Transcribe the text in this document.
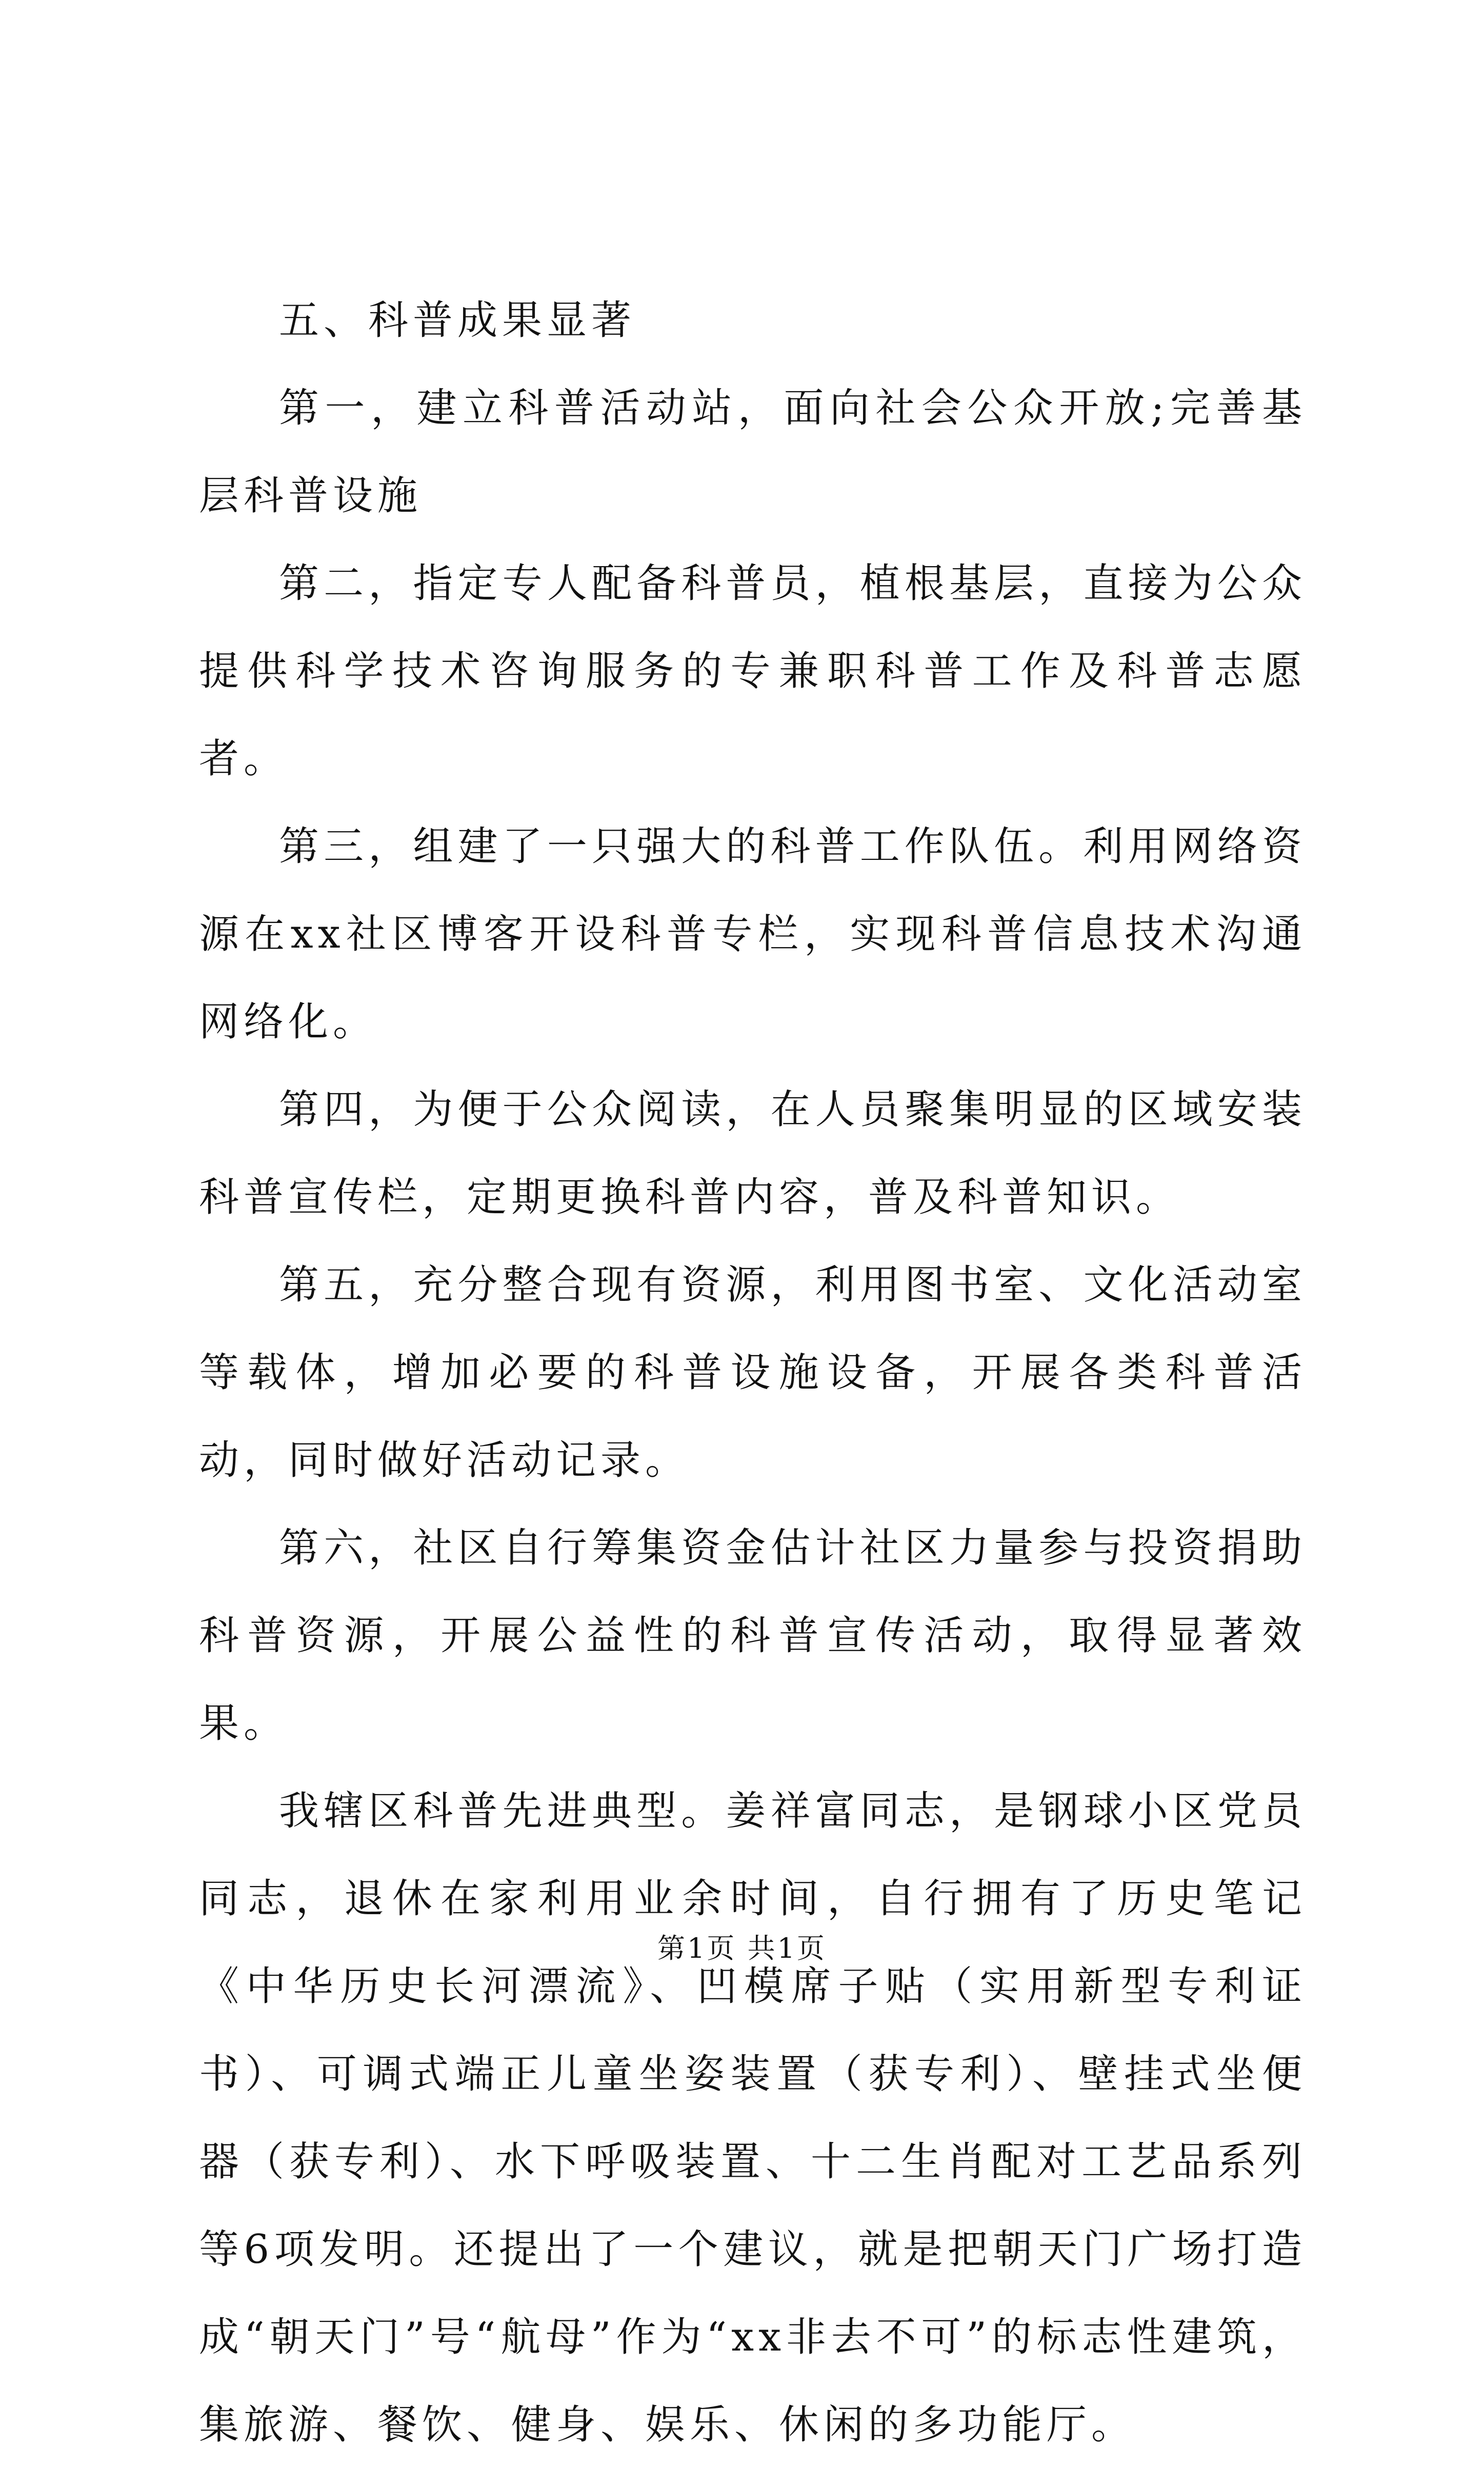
五、科普成果显著

第一，建立科普活动站，面向社会公众开放;完善基层科普设施

第二，指定专人配备科普员，植根基层，直接为公众提供科学技术咨询服务的专兼职科普工作及科普志愿者。

第三，组建了一只强大的科普工作队伍。利用网络资源在xx社区博客开设科普专栏，实现科普信息技术沟通网络化。

第四，为便于公众阅读，在人员聚集明显的区域安装科普宣传栏，定期更换科普内容，普及科普知识。

第五，充分整合现有资源，利用图书室、文化活动室等载体，增加必要的科普设施设备，开展各类科普活动，同时做好活动记录。

第六，社区自行筹集资金估计社区力量参与投资捐助科普资源，开展公益性的科普宣传活动，取得显著效果。

我辖区科普先进典型。姜祥富同志，是钢球小区党员同志，退休在家利用业余时间，自行拥有了历史笔记《中华历史长河漂流》、凹模席子贴（实用新型专利证书）、可调式端正儿童坐姿装置（获专利）、壁挂式坐便器（获专利）、水下呼吸装置、十二生肖配对工艺品系列等6项发明。还提出了一个建议，就是把朝天门广场打造成“朝天门”号“航母”作为“xx非去不可”的标志性建筑，集旅游、餐饮、健身、娱乐、休闲的多功能厅。

第1页 共1页
